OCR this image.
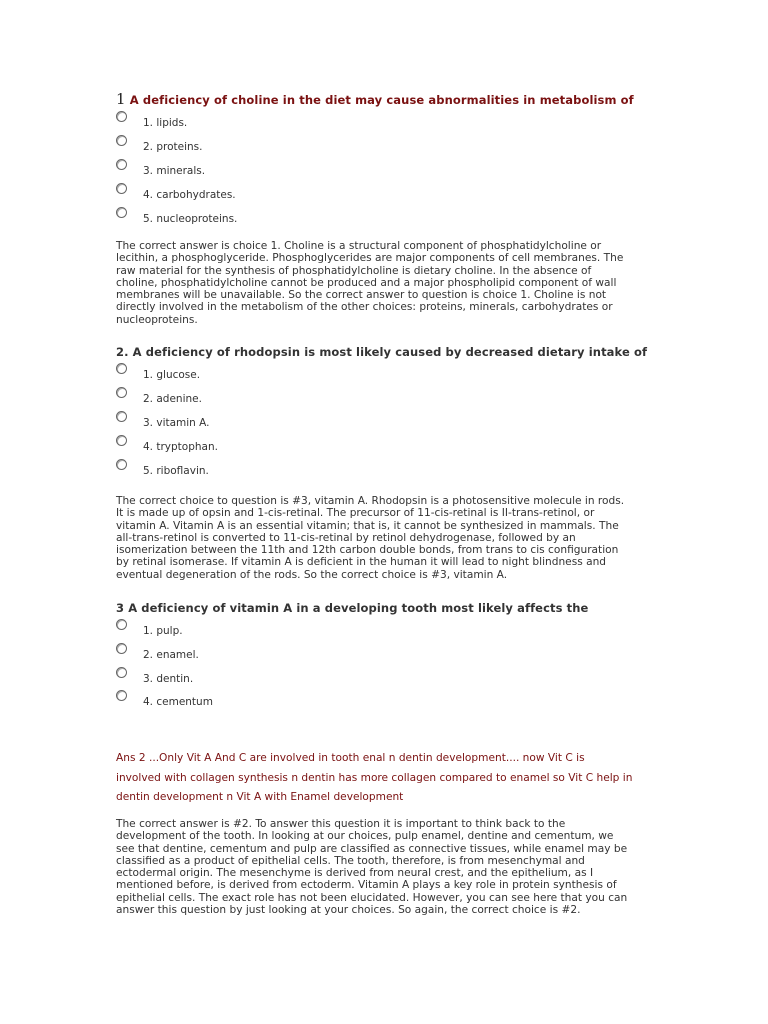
1 A deficiency of choline in the diet may cause abnormalities in metabolism of
1. lipids.
2. proteins.
3. minerals.
4. carbohydrates.
5. nucleoproteins.

The correct answer is choice 1. Choline is a structural component of phosphatidylcholine or
lecithin, a phosphoglyceride. Phosphoglycerides are major components of cell membranes. The
raw material for the synthesis of phosphatidylcholine is dietary choline. In the absence of
choline, phosphatidylcholine cannot be produced and a major phospholipid component of wall
membranes will be unavailable. So the correct answer to question is choice 1. Choline is not
directly involved in the metabolism of the other choices: proteins, minerals, carbohydrates or
nucleoproteins.

2. A deficiency of rhodopsin is most likely caused by decreased dietary intake of
1. glucose.
2. adenine.
3. vitamin A.
4. tryptophan.
5. riboflavin.

The correct choice to question is #3, vitamin A. Rhodopsin is a photosensitive molecule in rods.
It is made up of opsin and 1-cis-retinal. The precursor of 11-cis-retinal is II-trans-retinol, or
vitamin A. Vitamin A is an essential vitamin; that is, it cannot be synthesized in mammals. The
all-trans-retinol is converted to 11-cis-retinal by retinol dehydrogenase, followed by an
isomerization between the 11th and 12th carbon double bonds, from trans to cis configuration
by retinal isomerase. If vitamin A is deficient in the human it will lead to night blindness and
eventual degeneration of the rods. So the correct choice is #3, vitamin A.

3 A deficiency of vitamin A in a developing tooth most likely affects the
1. pulp.
2. enamel.
3. dentin.
4. cementum

Ans 2 ...Only Vit A And C are involved in tooth enal n dentin development.... now Vit C is
involved with collagen synthesis n dentin has more collagen compared to enamel so Vit C help in
dentin development n Vit A with Enamel development

The correct answer is #2. To answer this question it is important to think back to the
development of the tooth. In looking at our choices, pulp enamel, dentine and cementum, we
see that dentine, cementum and pulp are classified as connective tissues, while enamel may be
classified as a product of epithelial cells. The tooth, therefore, is from mesenchymal and
ectodermal origin. The mesenchyme is derived from neural crest, and the epithelium, as I
mentioned before, is derived from ectoderm. Vitamin A plays a key role in protein synthesis of
epithelial cells. The exact role has not been elucidated. However, you can see here that you can
answer this question by just looking at your choices. So again, the correct choice is #2.
